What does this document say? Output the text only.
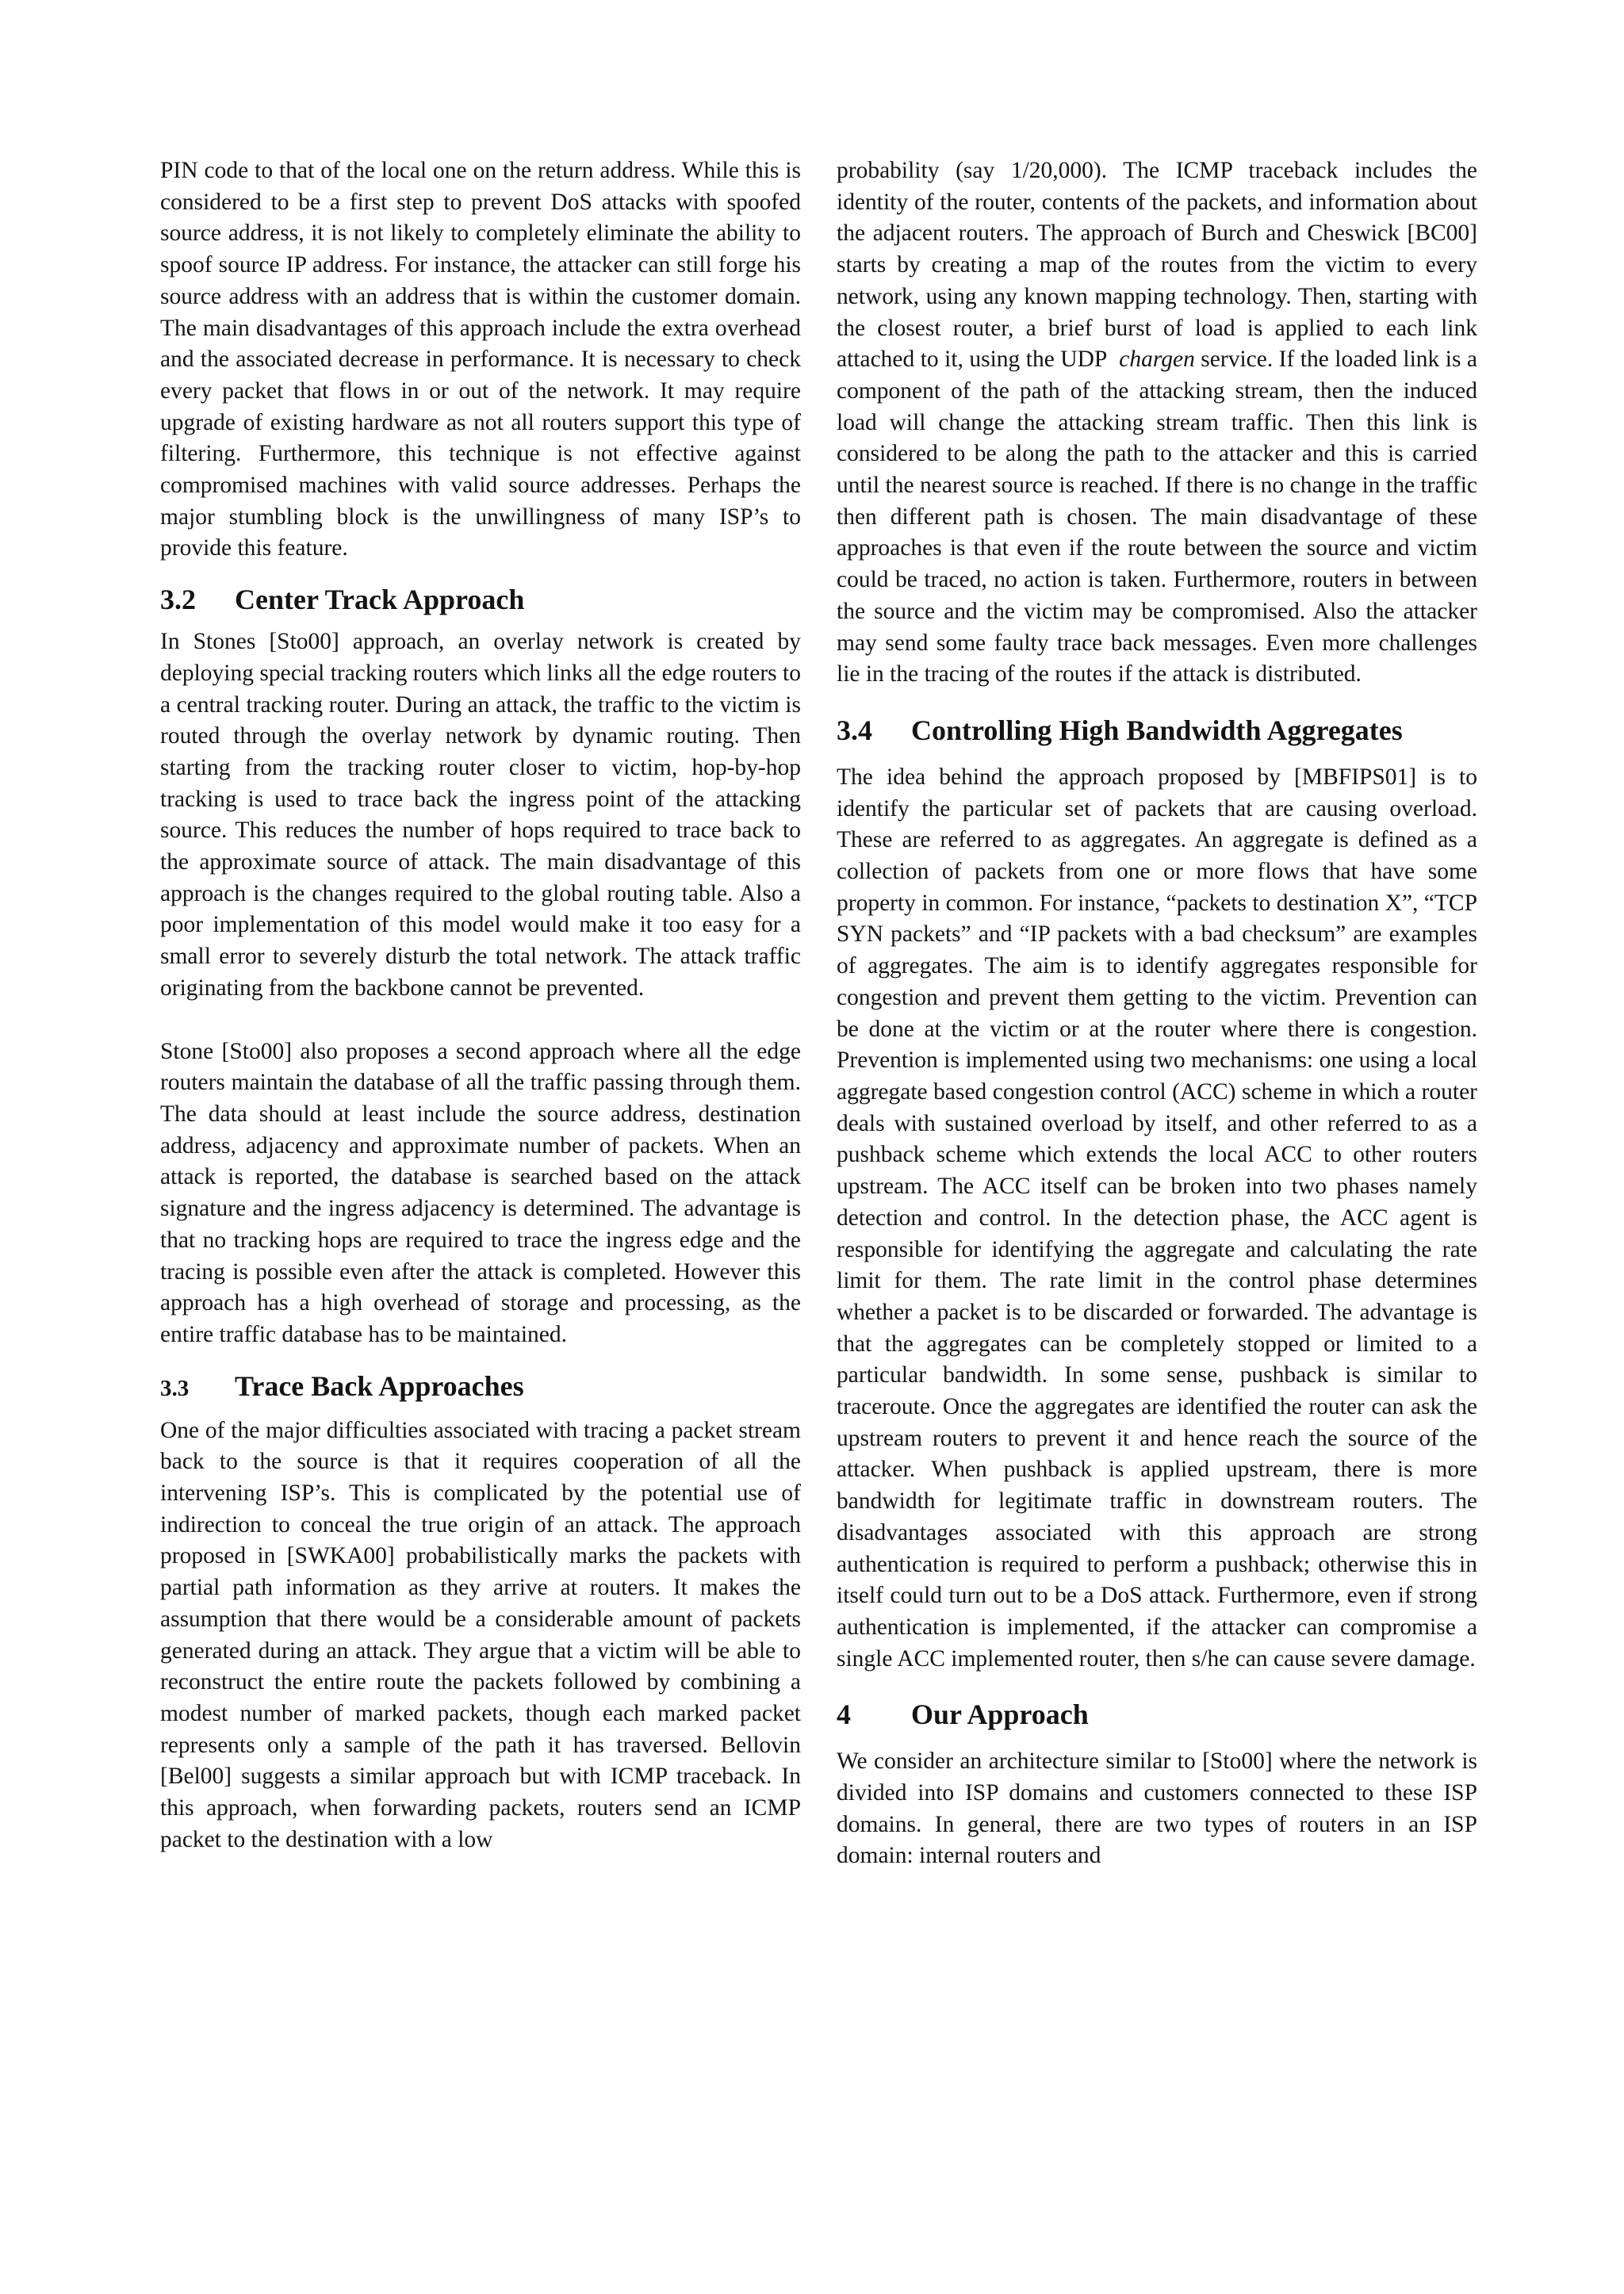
PIN code to that of the local one on the return address. While this is considered to be a first step to prevent DoS attacks with spoofed source address, it is not likely to completely eliminate the ability to spoof source IP address. For instance, the attacker can still forge his source address with an address that is within the customer domain. The main disadvantages of this approach include the extra overhead and the associated decrease in performance. It is necessary to check every packet that flows in or out of the network. It may require upgrade of existing hardware as not all routers support this type of filtering. Furthermore, this technique is not effective against compromised machines with valid source addresses. Perhaps the major stumbling block is the unwillingness of many ISP’s to provide this feature.

3.2	Center Track Approach

In Stones [Sto00] approach, an overlay network is created by deploying special tracking routers which links all the edge routers to a central tracking router. During an attack, the traffic to the victim is routed through the overlay network by dynamic routing. Then starting from the tracking router closer to victim, hop-by-hop tracking is used to trace back the ingress point of the attacking source. This reduces the number of hops required to trace back to the approximate source of attack. The main disadvantage of this approach is the changes required to the global routing table. Also a poor implementation of this model would make it too easy for a small error to severely disturb the total network. The attack traffic originating from the backbone cannot be prevented.

Stone [Sto00] also proposes a second approach where all the edge routers maintain the database of all the traffic passing through them. The data should at least include the source address, destination address, adjacency and approximate number of packets. When an attack is reported, the database is searched based on the attack signature and the ingress adjacency is determined. The advantage is that no tracking hops are required to trace the ingress edge and the tracing is possible even after the attack is completed. However this approach has a high overhead of storage and processing, as the entire traffic database has to be maintained.

3.3	Trace Back Approaches

One of the major difficulties associated with tracing a packet stream back to the source is that it requires cooperation of all the intervening ISP’s. This is complicated by the potential use of indirection to conceal the true origin of an attack. The approach proposed in [SWKA00] probabilistically marks the packets with partial path information as they arrive at routers. It makes the assumption that there would be a considerable amount of packets generated during an attack. They argue that a victim will be able to reconstruct the entire route the packets followed by combining a modest number of marked packets, though each marked packet represents only a sample of the path it has traversed. Bellovin [Bel00] suggests a similar approach but with ICMP traceback. In this approach, when forwarding packets, routers send an ICMP packet to the destination with a low

probability (say 1/20,000). The ICMP traceback includes the identity of the router, contents of the packets, and information about the adjacent routers. The approach of Burch and Cheswick [BC00] starts by creating a map of the routes from the victim to every network, using any known mapping technology. Then, starting with the closest router, a brief burst of load is applied to each link attached to it, using the UDP chargen service. If the loaded link is a component of the path of the attacking stream, then the induced load will change the attacking stream traffic. Then this link is considered to be along the path to the attacker and this is carried until the nearest source is reached. If there is no change in the traffic then different path is chosen. The main disadvantage of these approaches is that even if the route between the source and victim could be traced, no action is taken. Furthermore, routers in between the source and the victim may be compromised. Also the attacker may send some faulty trace back messages. Even more challenges lie in the tracing of the routes if the attack is distributed.

3.4	Controlling High Bandwidth Aggregates

The idea behind the approach proposed by [MBFIPS01] is to identify the particular set of packets that are causing overload. These are referred to as aggregates. An aggregate is defined as a collection of packets from one or more flows that have some property in common. For instance, “packets to destination X”, “TCP SYN packets” and “IP packets with a bad checksum” are examples of aggregates. The aim is to identify aggregates responsible for congestion and prevent them getting to the victim. Prevention can be done at the victim or at the router where there is congestion. Prevention is implemented using two mechanisms: one using a local aggregate based congestion control (ACC) scheme in which a router deals with sustained overload by itself, and other referred to as a pushback scheme which extends the local ACC to other routers upstream. The ACC itself can be broken into two phases namely detection and control. In the detection phase, the ACC agent is responsible for identifying the aggregate and calculating the rate limit for them. The rate limit in the control phase determines whether a packet is to be discarded or forwarded. The advantage is that the aggregates can be completely stopped or limited to a particular bandwidth. In some sense, pushback is similar to traceroute. Once the aggregates are identified the router can ask the upstream routers to prevent it and hence reach the source of the attacker. When pushback is applied upstream, there is more bandwidth for legitimate traffic in downstream routers. The disadvantages associated with this approach are strong authentication is required to perform a pushback; otherwise this in itself could turn out to be a DoS attack. Furthermore, even if strong authentication is implemented, if the attacker can compromise a single ACC implemented router, then s/he can cause severe damage.

4	Our Approach

We consider an architecture similar to [Sto00] where the network is divided into ISP domains and customers connected to these ISP domains. In general, there are two types of routers in an ISP domain: internal routers and
